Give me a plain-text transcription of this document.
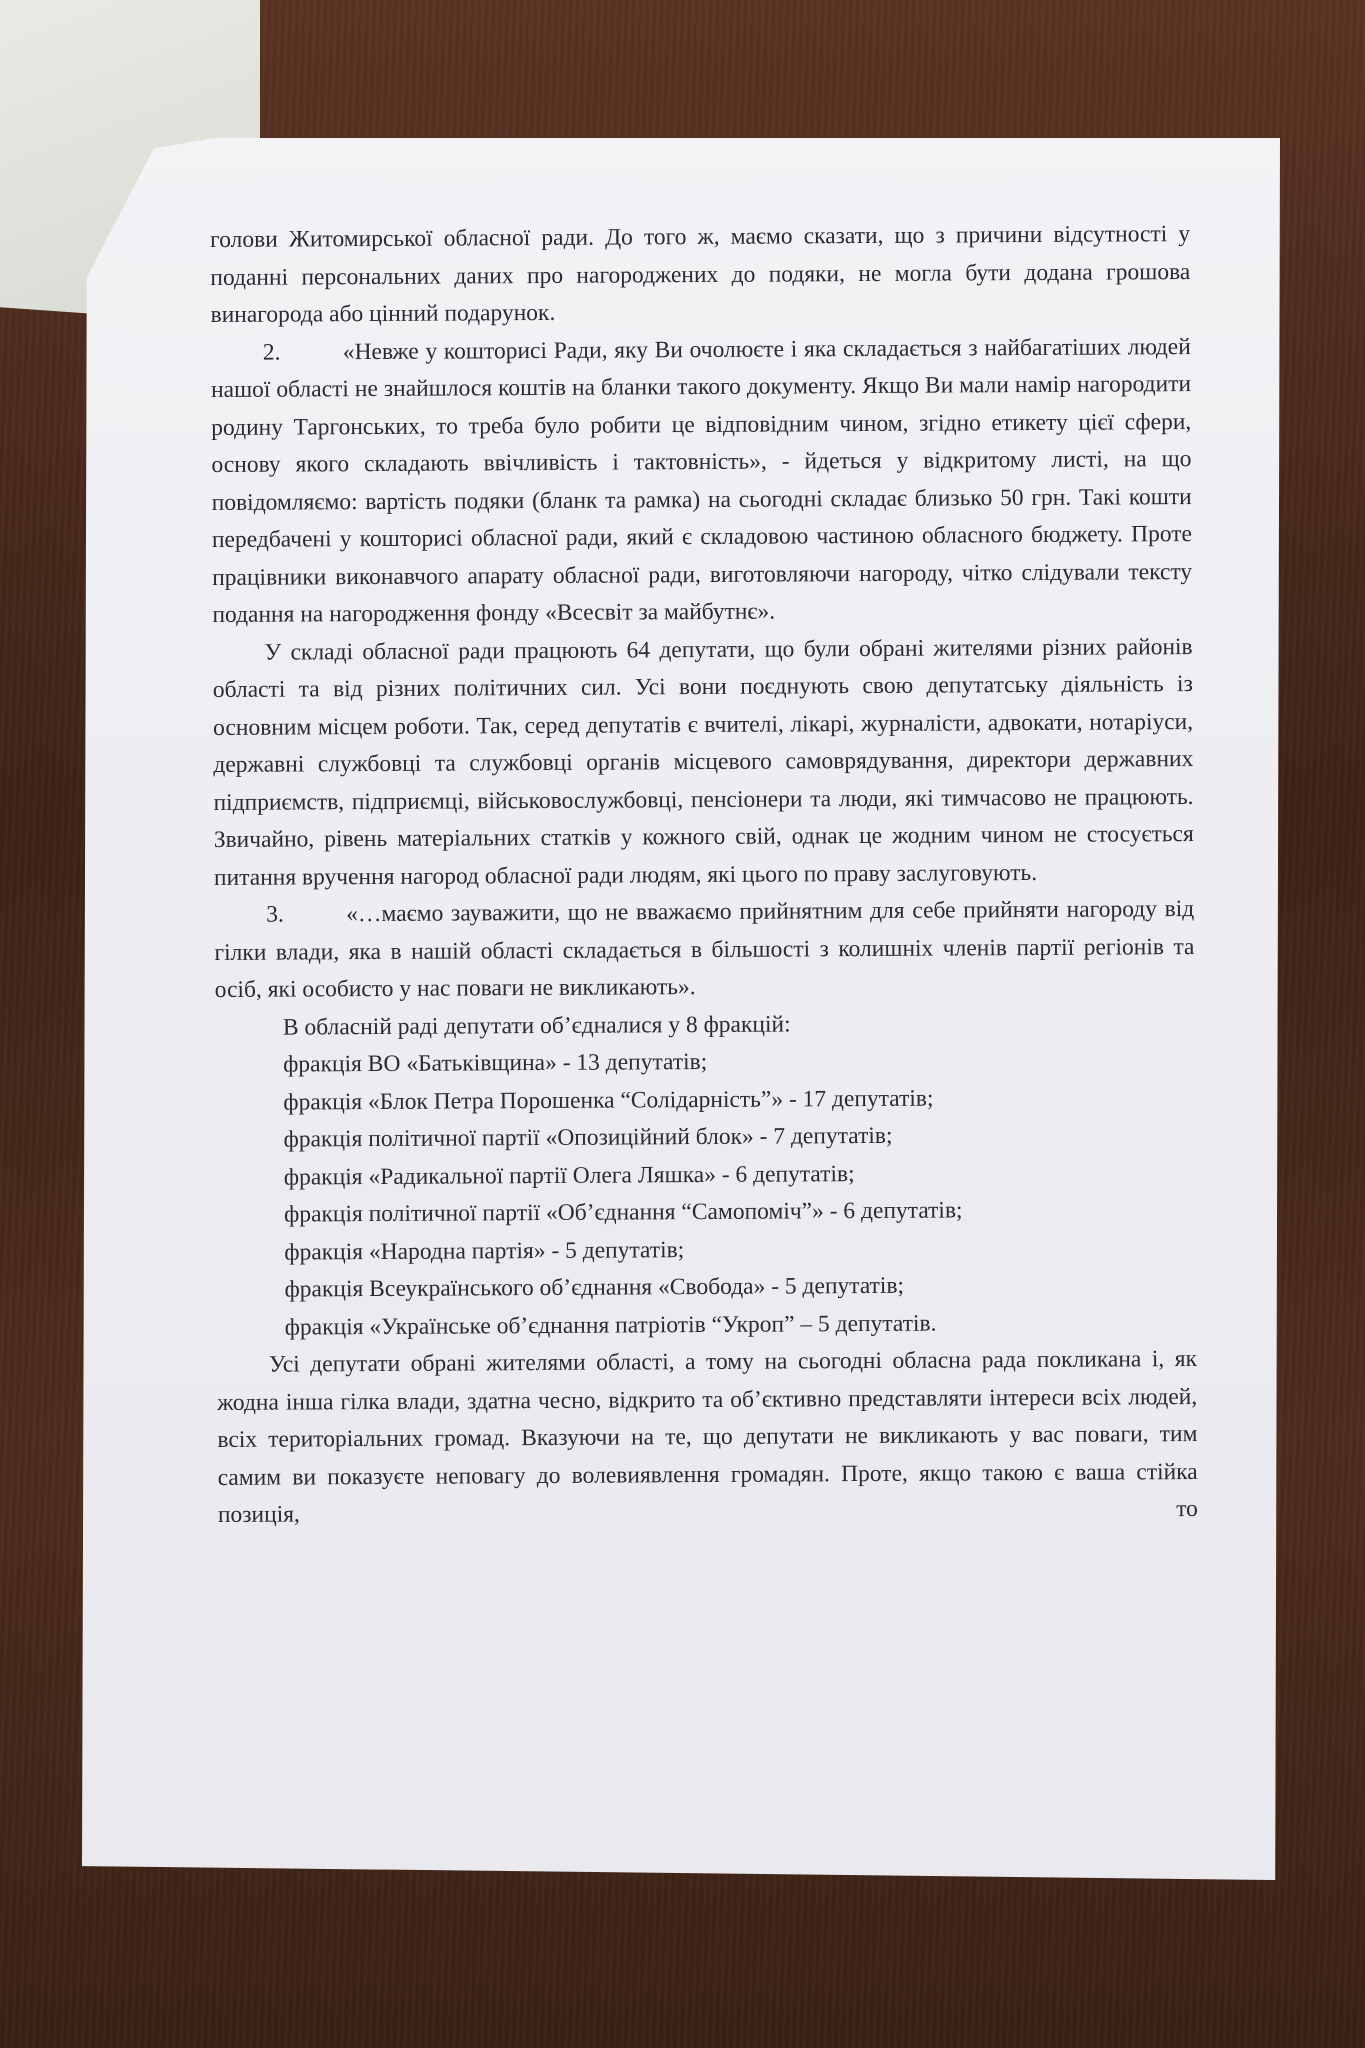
голови Житомирської обласної ради. До того ж, маємо сказати, що з причини відсутності у поданні персональних даних про нагороджених до подяки, не могла бути додана грошова винагорода або цінний подарунок.

2.	«Невже у кошторисі Ради, яку Ви очолюєте і яка складається з найбагатіших людей нашої області не знайшлося коштів на бланки такого документу. Якщо Ви мали намір нагородити родину Таргонських, то треба було робити це відповідним чином, згідно етикету цієї сфери, основу якого складають ввічливість і тактовність», - йдеться у відкритому листі, на що повідомляємо: вартість подяки (бланк та рамка) на сьогодні складає близько 50 грн. Такі кошти передбачені у кошторисі обласної ради, який є складовою частиною обласного бюджету. Проте працівники виконавчого апарату обласної ради, виготовляючи нагороду, чітко слідували тексту подання на нагородження фонду «Всесвіт за майбутнє».

У складі обласної ради працюють 64 депутати, що були обрані жителями різних районів області та від різних політичних сил. Усі вони поєднують свою депутатську діяльність із основним місцем роботи. Так, серед депутатів є вчителі, лікарі, журналісти, адвокати, нотаріуси, державні службовці та службовці органів місцевого самоврядування, директори державних підприємств, підприємці, військовослужбовці, пенсіонери та люди, які тимчасово не працюють. Звичайно, рівень матеріальних статків у кожного свій, однак це жодним чином не стосується питання вручення нагород обласної ради людям, які цього по праву заслуговують.

3.	«…маємо зауважити, що не вважаємо прийнятним для себе прийняти нагороду від гілки влади, яка в нашій області складається в більшості з колишніх членів партії регіонів та осіб, які особисто у нас поваги не викликають».

В обласній раді депутати об’єдналися у 8 фракцій:

фракція ВО «Батьківщина» - 13 депутатів;

фракція «Блок Петра Порошенка “Солідарність”» - 17 депутатів;

фракція політичної партії «Опозиційний блок» - 7 депутатів;

фракція «Радикальної партії Олега Ляшка» - 6 депутатів;

фракція політичної партії «Об’єднання “Самопоміч”» - 6 депутатів;

фракція «Народна партія» - 5 депутатів;

фракція Всеукраїнського об’єднання «Свобода» - 5 депутатів;

фракція «Українське об’єднання патріотів “Укроп” – 5 депутатів.

Усі депутати обрані жителями області, а тому на сьогодні обласна рада покликана і, як жодна інша гілка влади, здатна чесно, відкрито та об’єктивно представляти інтереси всіх людей, всіх територіальних громад. Вказуючи на те, що депутати не викликають у вас поваги, тим самим ви показуєте неповагу до волевиявлення громадян. Проте, якщо такою є ваша стійка позиція, то
